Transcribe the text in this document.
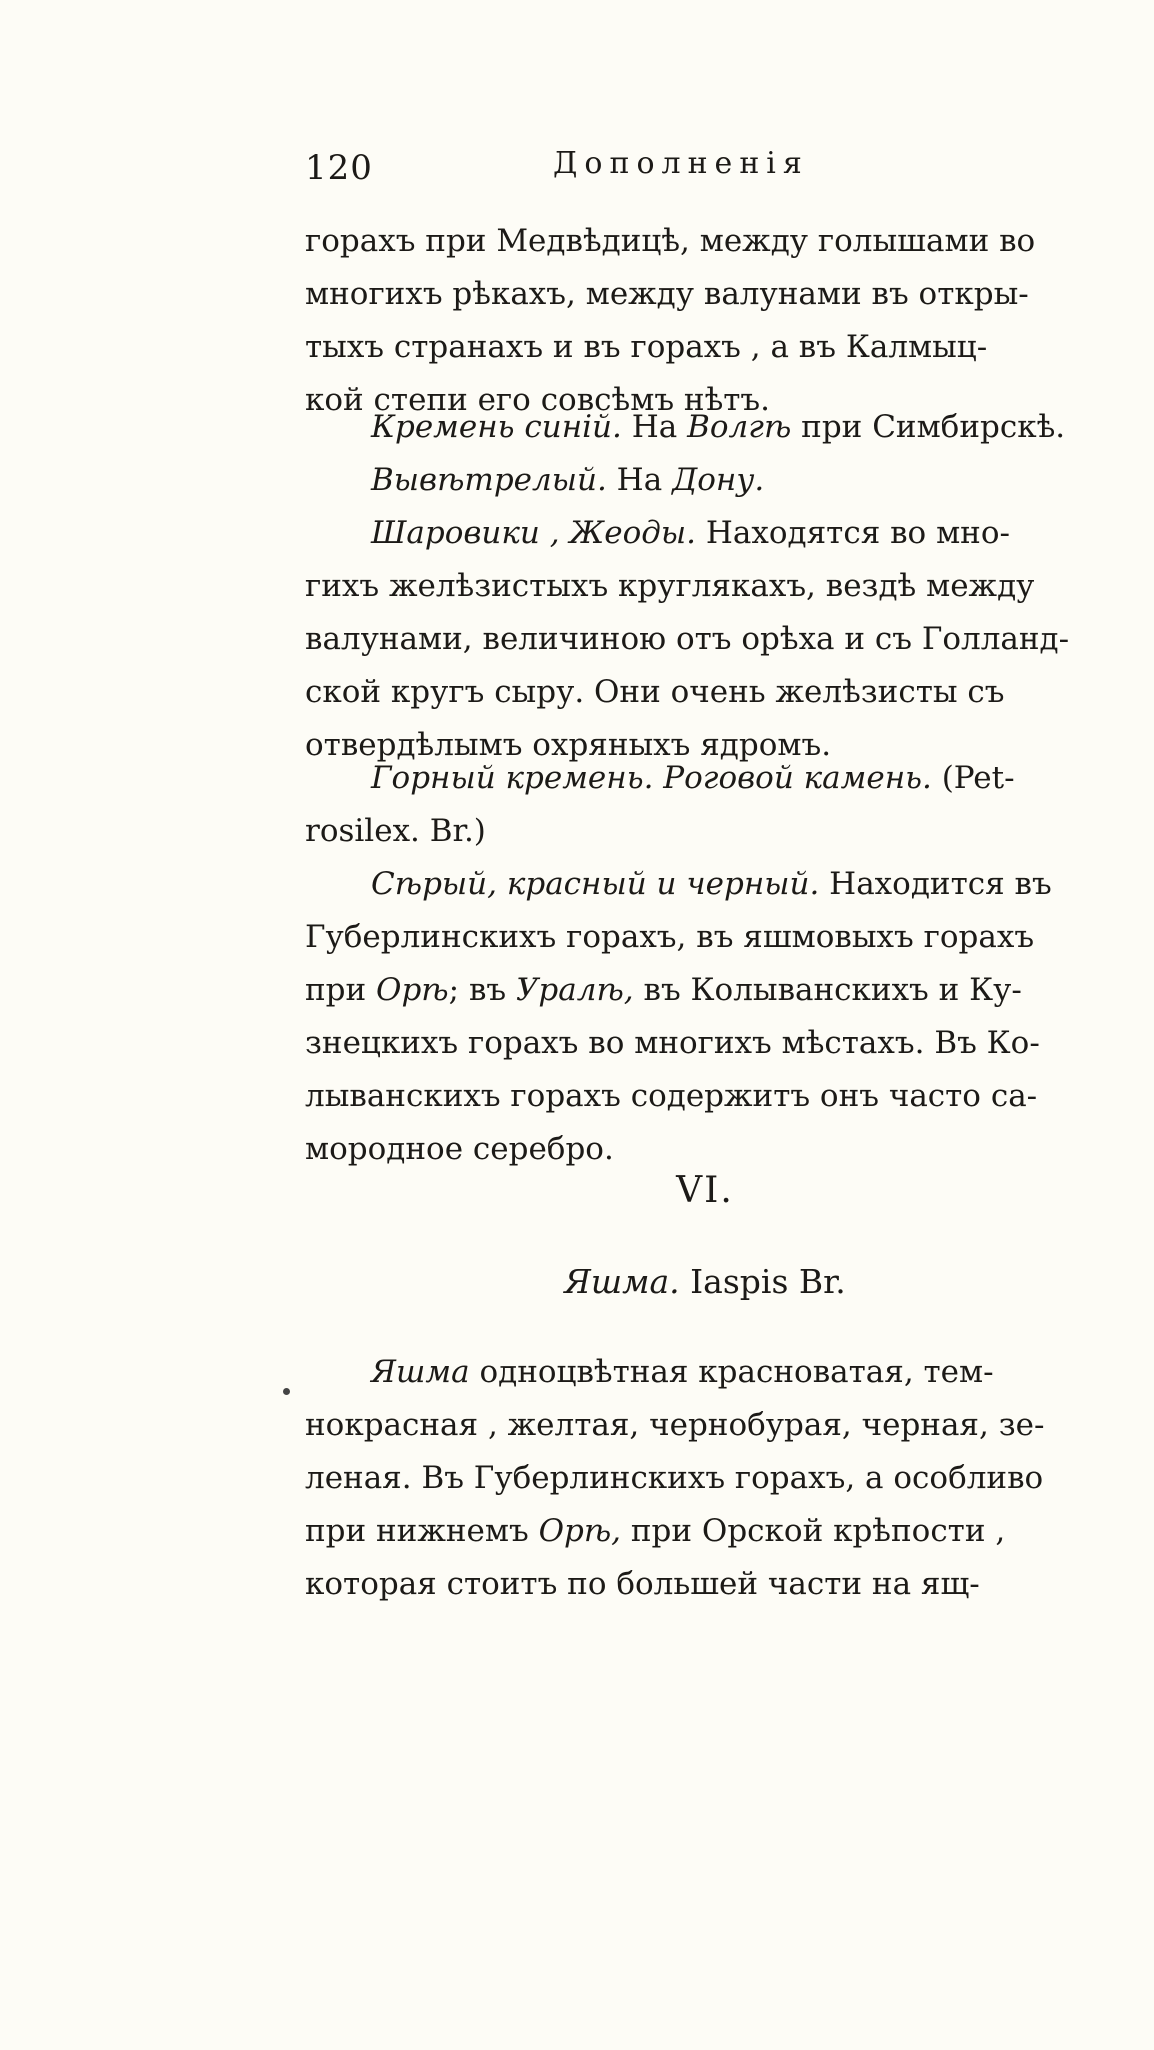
120	Дополненія
горахъ при Медвѣдицѣ, между голышами во
многихъ рѣкахъ, между валунами въ откры-
тыхъ странахъ и въ горахъ , а въ Калмыц-
кой степи его совсѣмъ нѣтъ.
Кремень синій. На Волгѣ при Симбирскѣ.
Вывѣтрелый. На Дону.
Шаровики , Жеоды. Находятся во мно-
гихъ желѣзистыхъ круглякахъ, вездѣ между
валунами, величиною отъ орѣха и съ Голланд-
ской кругъ сыру. Они очень желѣзисты съ
отвердѣлымъ охряныхъ ядромъ.
Горный кремень. Роговой камень. (Pet-
rosilex. Br.)
Сѣрый, красный и черный. Находится въ
Губерлинскихъ горахъ, въ яшмовыхъ горахъ
при Орѣ; въ Уралѣ, въ Колыванскихъ и Ку-
знецкихъ горахъ во многихъ мѣстахъ. Въ Ко-
лыванскихъ горахъ содержитъ онъ часто са-
мородное серебро.
VI.
Яшма. Iaspis Br.
Яшма одноцвѣтная красноватая, тем-
нокрасная , желтая, чернобурая, черная, зе-
леная. Въ Губерлинскихъ горахъ, а особливо
при нижнемъ Орѣ, при Орской крѣпости ,
которая стоитъ по большей части на ящ-
